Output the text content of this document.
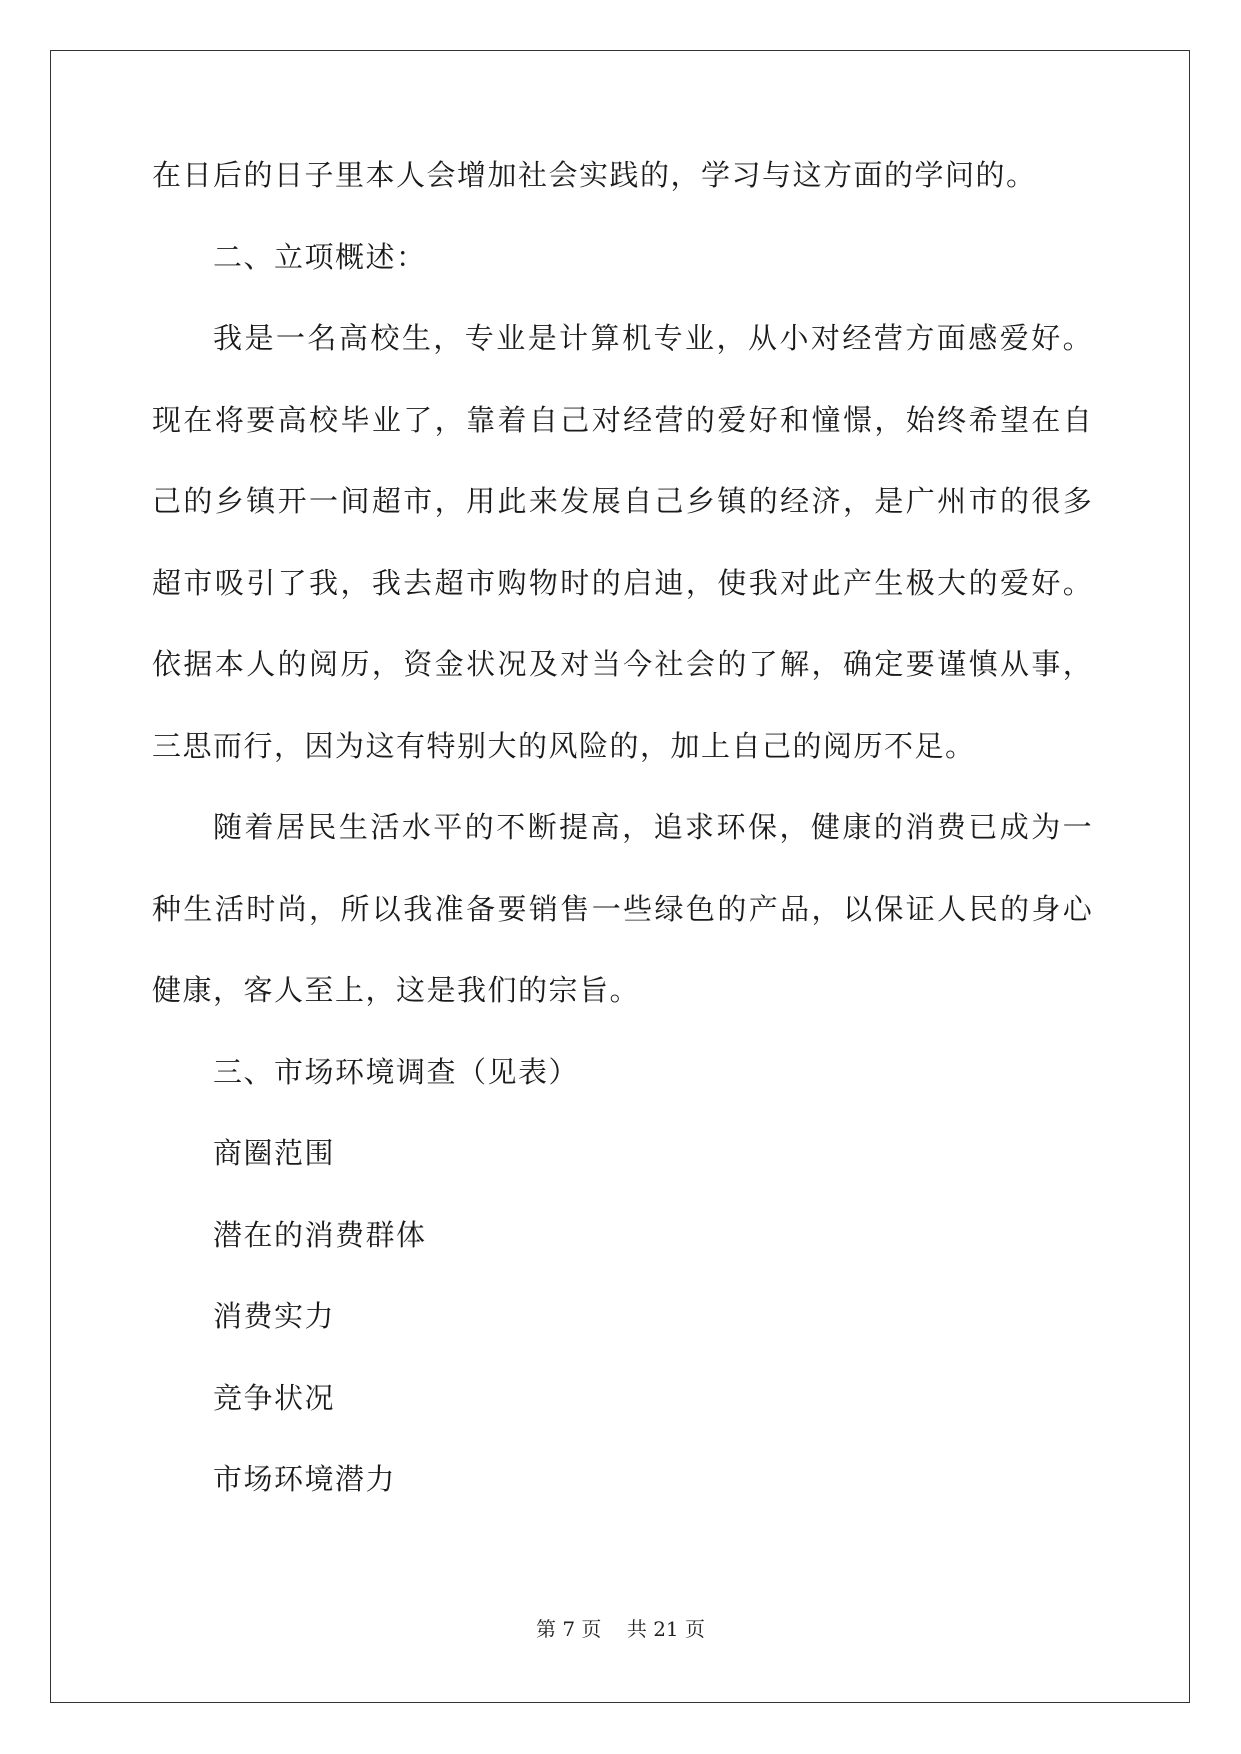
在日后的日子里本人会增加社会实践的，学习与这方面的学问的。

二、立项概述：

我 是 一 名 高 校 生 ， 专 业 是 计 算 机 专 业 ， 从 小 对 经 营 方 面 感 爱 好 。

现 在 将 要 高 校 毕 业 了 ， 靠 着 自 己 对 经 营 的 爱 好 和 憧 憬 ， 始 终 希 望 在 自

己 的 乡 镇 开 一 间 超 市 ， 用 此 来 发 展 自 己 乡 镇 的 经 济 ， 是 广 州 市 的 很 多

超 市 吸 引 了 我 ， 我 去 超 市 购 物 时 的 启 迪 ， 使 我 对 此 产 生 极 大 的 爱 好 。

依 据 本 人 的 阅 历 ， 资 金 状 况 及 对 当 今 社 会 的 了 解 ， 确 定 要 谨 慎 从 事 ，

三思而行，因为这有特别大的风险的，加上自己的阅历不足。

随 着 居 民 生 活 水 平 的 不 断 提 高 ， 追 求 环 保 ， 健 康 的 消 费 已 成 为 一

种 生 活 时 尚 ， 所 以 我 准 备 要 销 售 一 些 绿 色 的 产 品 ， 以 保 证 人 民 的 身 心

健康，客人至上，这是我们的宗旨。

三、市场环境调查（见表）

商圈范围

潜在的消费群体

消费实力

竞争状况

市场环境潜力

第 7 页    共 21 页
